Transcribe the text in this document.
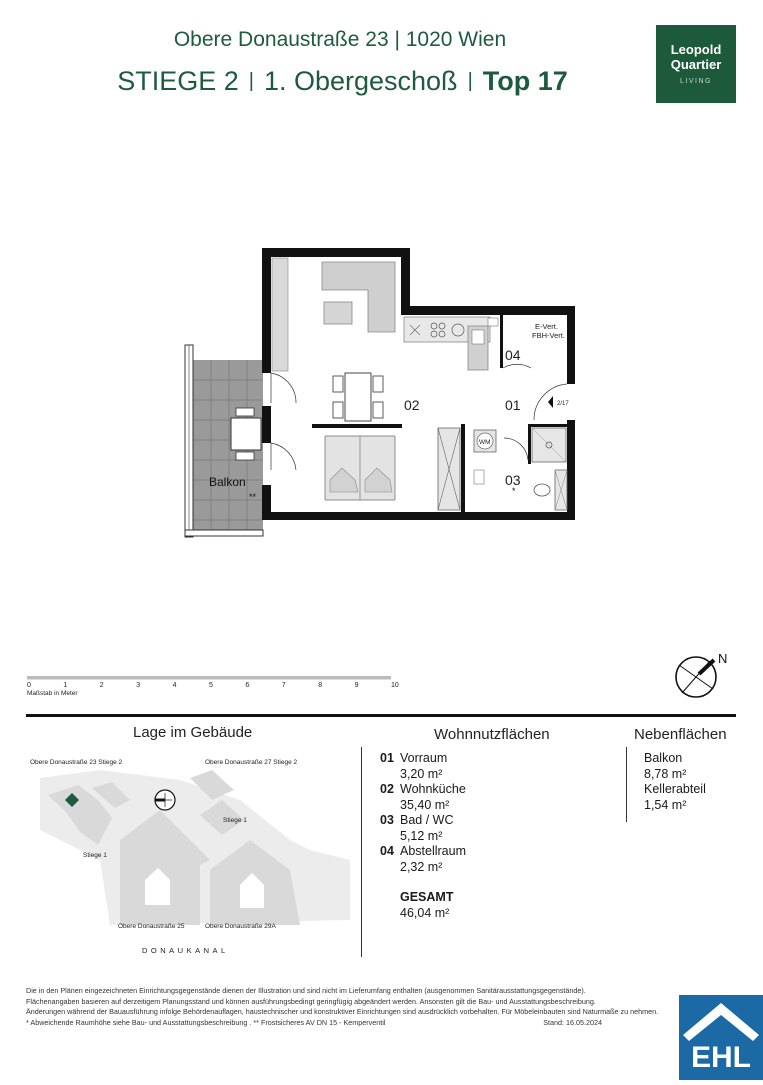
Obere Donaustraße 23 | 1020 Wien
STIEGE 2 | 1. Obergeschoß | Top 17
Leopold
Quartier
LIVING
02	01
03
04
Balkon
**
*
E-Vert.
FBH-Vert.
2/17
WM
0	1	2	3	4	5	6	7	8	9	10
Maßstab in Meter
N
Lage im Gebäude	Wohnnutzflächen	Nebenflächen
Obere Donaustraße 23 Stiege 2	Obere Donaustraße 27 Stiege 2
Stiege 1
Stiege 1
Obere Donaustraße 25	Obere Donaustraße 29A
DONAUKANAL
01 Vorraum
3,20 m²
02 Wohnküche
35,40 m²
03 Bad / WC
5,12 m²
04 Abstellraum
2,32 m²
GESAMT
46,04 m²
Balkon
8,78 m²
Kellerabteil
1,54 m²
Die in den Plänen eingezeichneten Einrichtungsgegenstände dienen der Illustration und sind nicht im Lieferumfang enthalten (ausgenommen Sanitärausstattungsgegenstände).
Flächenangaben basieren auf derzeitigem Planungsstand und können ausführungsbedingt geringfügig abgeändert werden. Ansonsten gilt die Bau- und Ausstattungsbeschreibung.
Änderungen während der Bauausführung infolge Behördenauflagen, haustechnischer und konstruktiver Einrichtungen sind ausdrücklich vorbehalten. Für Möbeleinbauten sind Naturmaße zu nehmen.
* Abweichende Raumhöhe siehe Bau- und Ausstattungsbeschreibung . ** Frostsicheres AV DN 15 - Kemperventil	Stand: 16.05.2024
EHL
